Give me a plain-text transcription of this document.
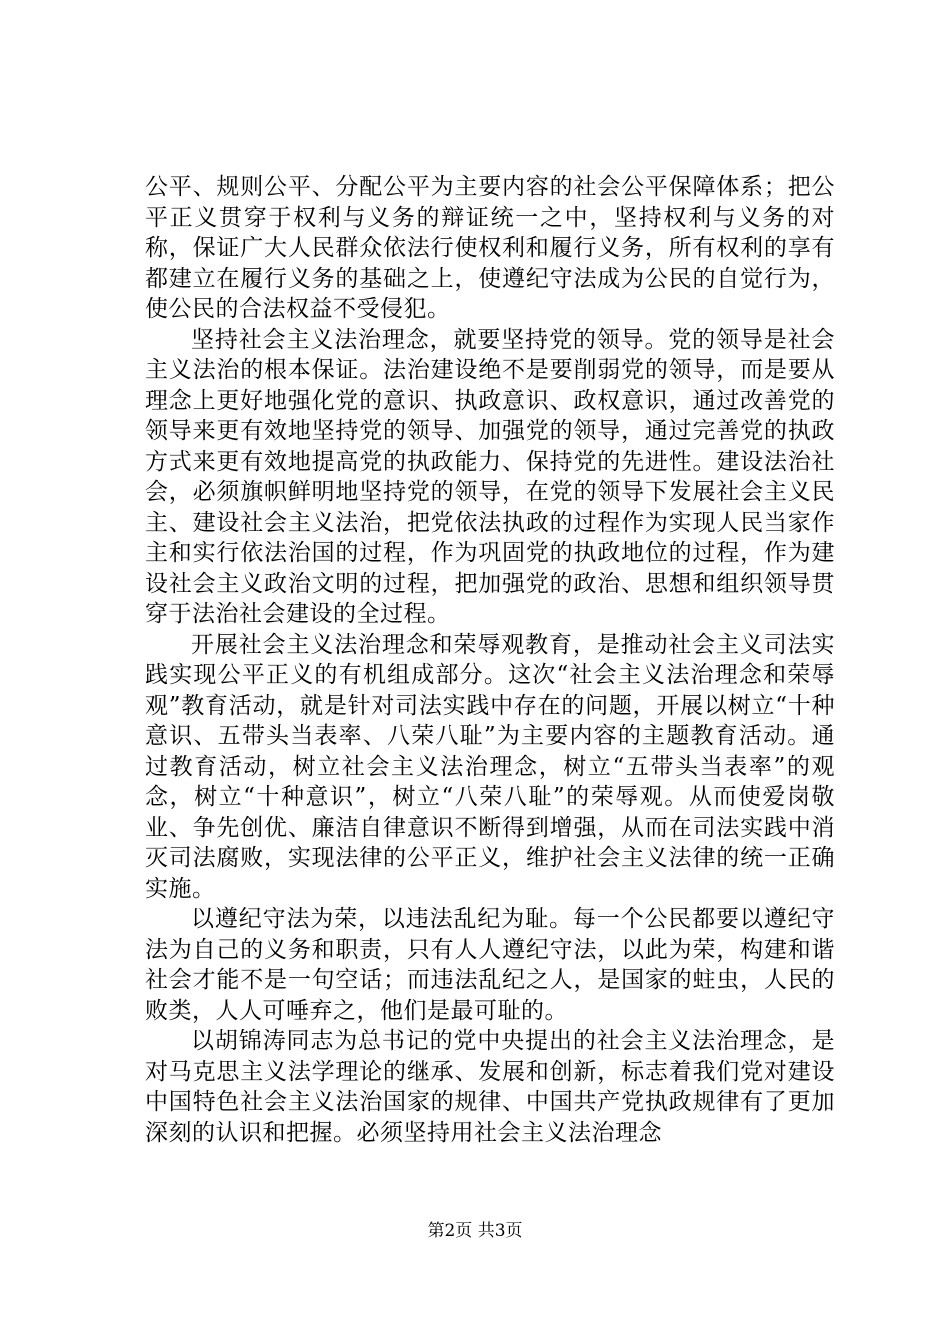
公平、规则公平、分配公平为主要内容的社会公平保障体系；把公平正义贯穿于权利与义务的辩证统一之中，坚持权利与义务的对称，保证广大人民群众依法行使权利和履行义务，所有权利的享有都建立在履行义务的基础之上，使遵纪守法成为公民的自觉行为，使公民的合法权益不受侵犯。

坚持社会主义法治理念，就要坚持党的领导。党的领导是社会主义法治的根本保证。法治建设绝不是要削弱党的领导，而是要从理念上更好地强化党的意识、执政意识、政权意识，通过改善党的领导来更有效地坚持党的领导、加强党的领导，通过完善党的执政方式来更有效地提高党的执政能力、保持党的先进性。建设法治社会，必须旗帜鲜明地坚持党的领导，在党的领导下发展社会主义民主、建设社会主义法治，把党依法执政的过程作为实现人民当家作主和实行依法治国的过程，作为巩固党的执政地位的过程，作为建设社会主义政治文明的过程，把加强党的政治、思想和组织领导贯穿于法治社会建设的全过程。

开展社会主义法治理念和荣辱观教育，是推动社会主义司法实践实现公平正义的有机组成部分。这次“社会主义法治理念和荣辱观”教育活动，就是针对司法实践中存在的问题，开展以树立“十种意识、五带头当表率、八荣八耻”为主要内容的主题教育活动。通过教育活动，树立社会主义法治理念，树立“五带头当表率”的观念，树立“十种意识”，树立“八荣八耻”的荣辱观。从而使爱岗敬业、争先创优、廉洁自律意识不断得到增强，从而在司法实践中消灭司法腐败，实现法律的公平正义，维护社会主义法律的统一正确实施。

以遵纪守法为荣，以违法乱纪为耻。每一个公民都要以遵纪守法为自己的义务和职责，只有人人遵纪守法，以此为荣，构建和谐社会才能不是一句空话；而违法乱纪之人，是国家的蛀虫，人民的败类，人人可唾弃之，他们是最可耻的。

以胡锦涛同志为总书记的党中央提出的社会主义法治理念，是对马克思主义法学理论的继承、发展和创新，标志着我们党对建设中国特色社会主义法治国家的规律、中国共产党执政规律有了更加深刻的认识和把握。必须坚持用社会主义法治理念

第2页 共3页
